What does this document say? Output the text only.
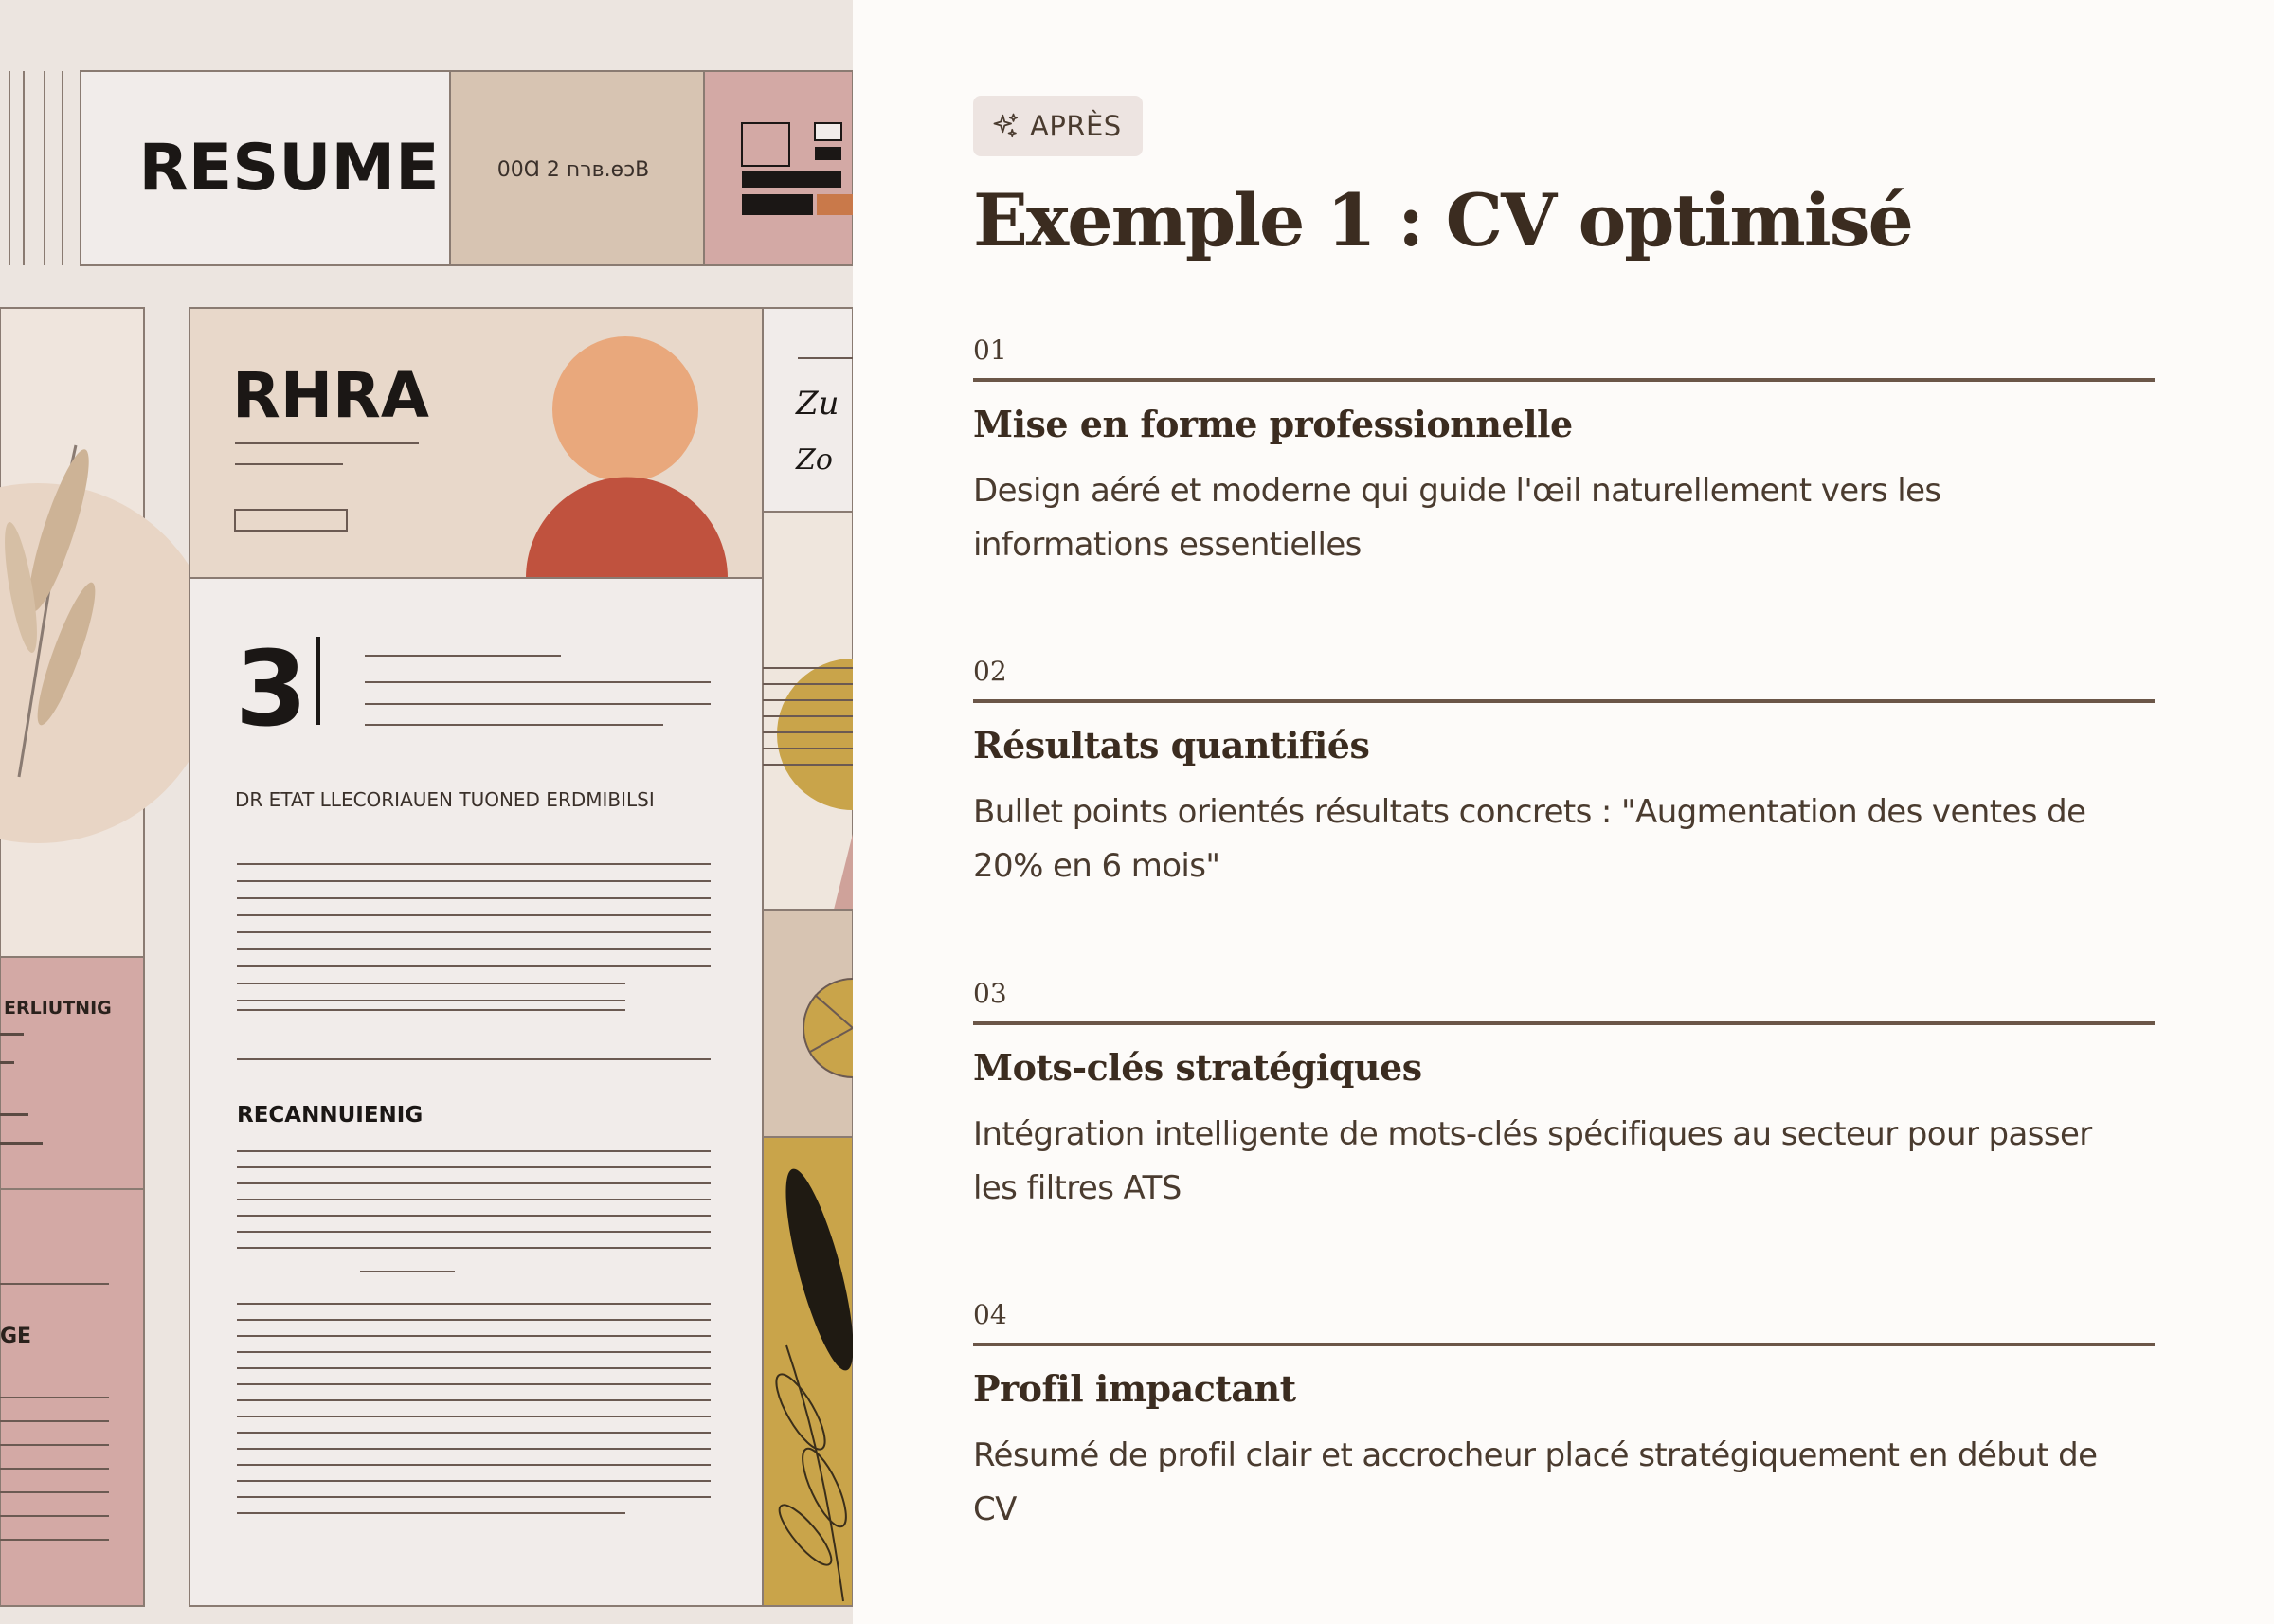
RESUME	00Ɑ 2 רחв.ɵɔВ
ERLIUTNIG
GE
RHRA
3
DR ETAT LLECORIAUEN TUONED ERDMIBILSI
RECANNUIENIG
Zu
Zo
APRÈS
Exemple 1 : CV optimisé
01
Mise en forme professionnelle
Design aéré et moderne qui guide l'œil naturellement vers les informations essentielles
02
Résultats quantifiés
Bullet points orientés résultats concrets : "Augmentation des ventes de 20% en 6 mois"
03
Mots-clés stratégiques
Intégration intelligente de mots-clés spécifiques au secteur pour passer les filtres ATS
04
Profil impactant
Résumé de profil clair et accrocheur placé stratégiquement en début de CV
